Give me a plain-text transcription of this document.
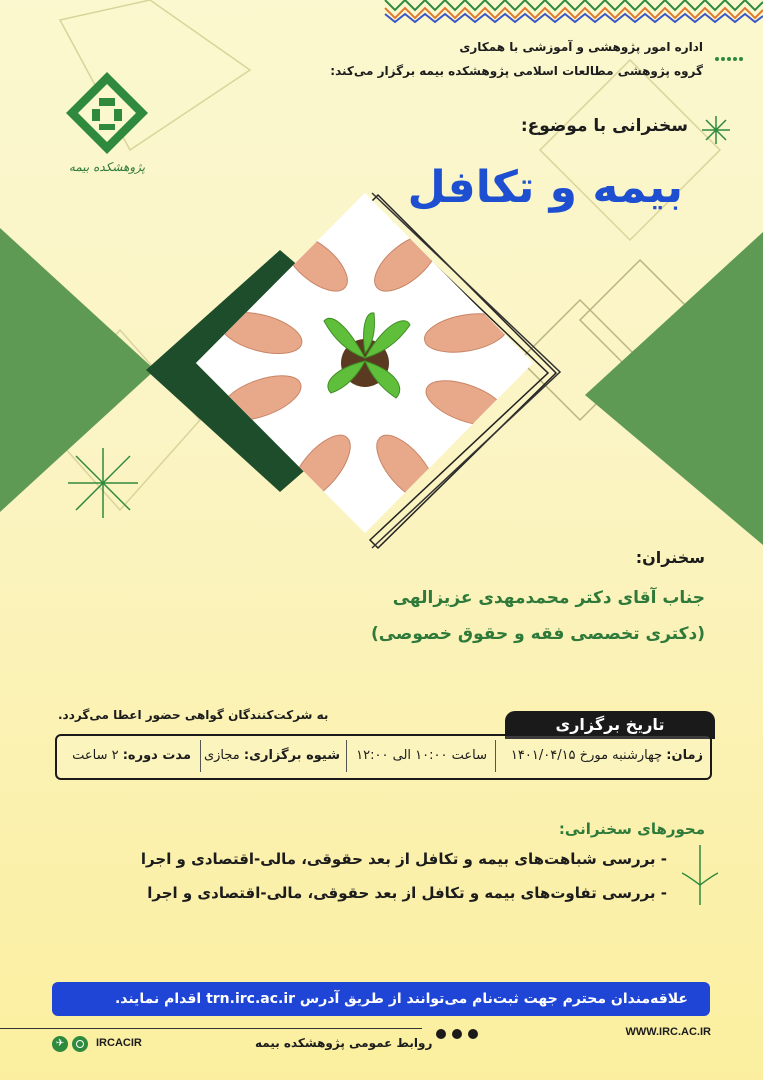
اداره امور پژوهشی و آموزشی با همکاری
گروه پژوهشی مطالعات اسلامی پژوهشکده بیمه برگزار می‌کند:
پژوهشکده بیمه
سخنرانی با موضوع:
بیمه و تکافل
سخنران:
جناب آقای دکتر محمدمهدی عزیزالهی
(دکتری تخصصی فقه و حقوق خصوصی)
به شرکت‌کنندگان گواهی حضور اعطا می‌گردد.	تاریخ برگزاری
زمان: چهارشنبه مورخ ۱۴۰۱/۰۴/۱۵
ساعت ۱۰:۰۰ الی ۱۲:۰۰
شیوه برگزاری: مجازی
مدت دوره: ۲ ساعت
محورهای سخنرانی:
- بررسی شباهت‌های بیمه و تکافل از بعد حقوقی، مالی-اقتصادی و اجرا
- بررسی تفاوت‌های بیمه و تکافل از بعد حقوقی، مالی-اقتصادی و اجرا
علاقه‌مندان محترم جهت ثبت‌نام می‌توانند از طریق آدرس trn.irc.ac.ir اقدام نمایند.
WWW.IRC.AC.IR
روابط عمومی پژوهشکده بیمه
✈	IRCACIR
